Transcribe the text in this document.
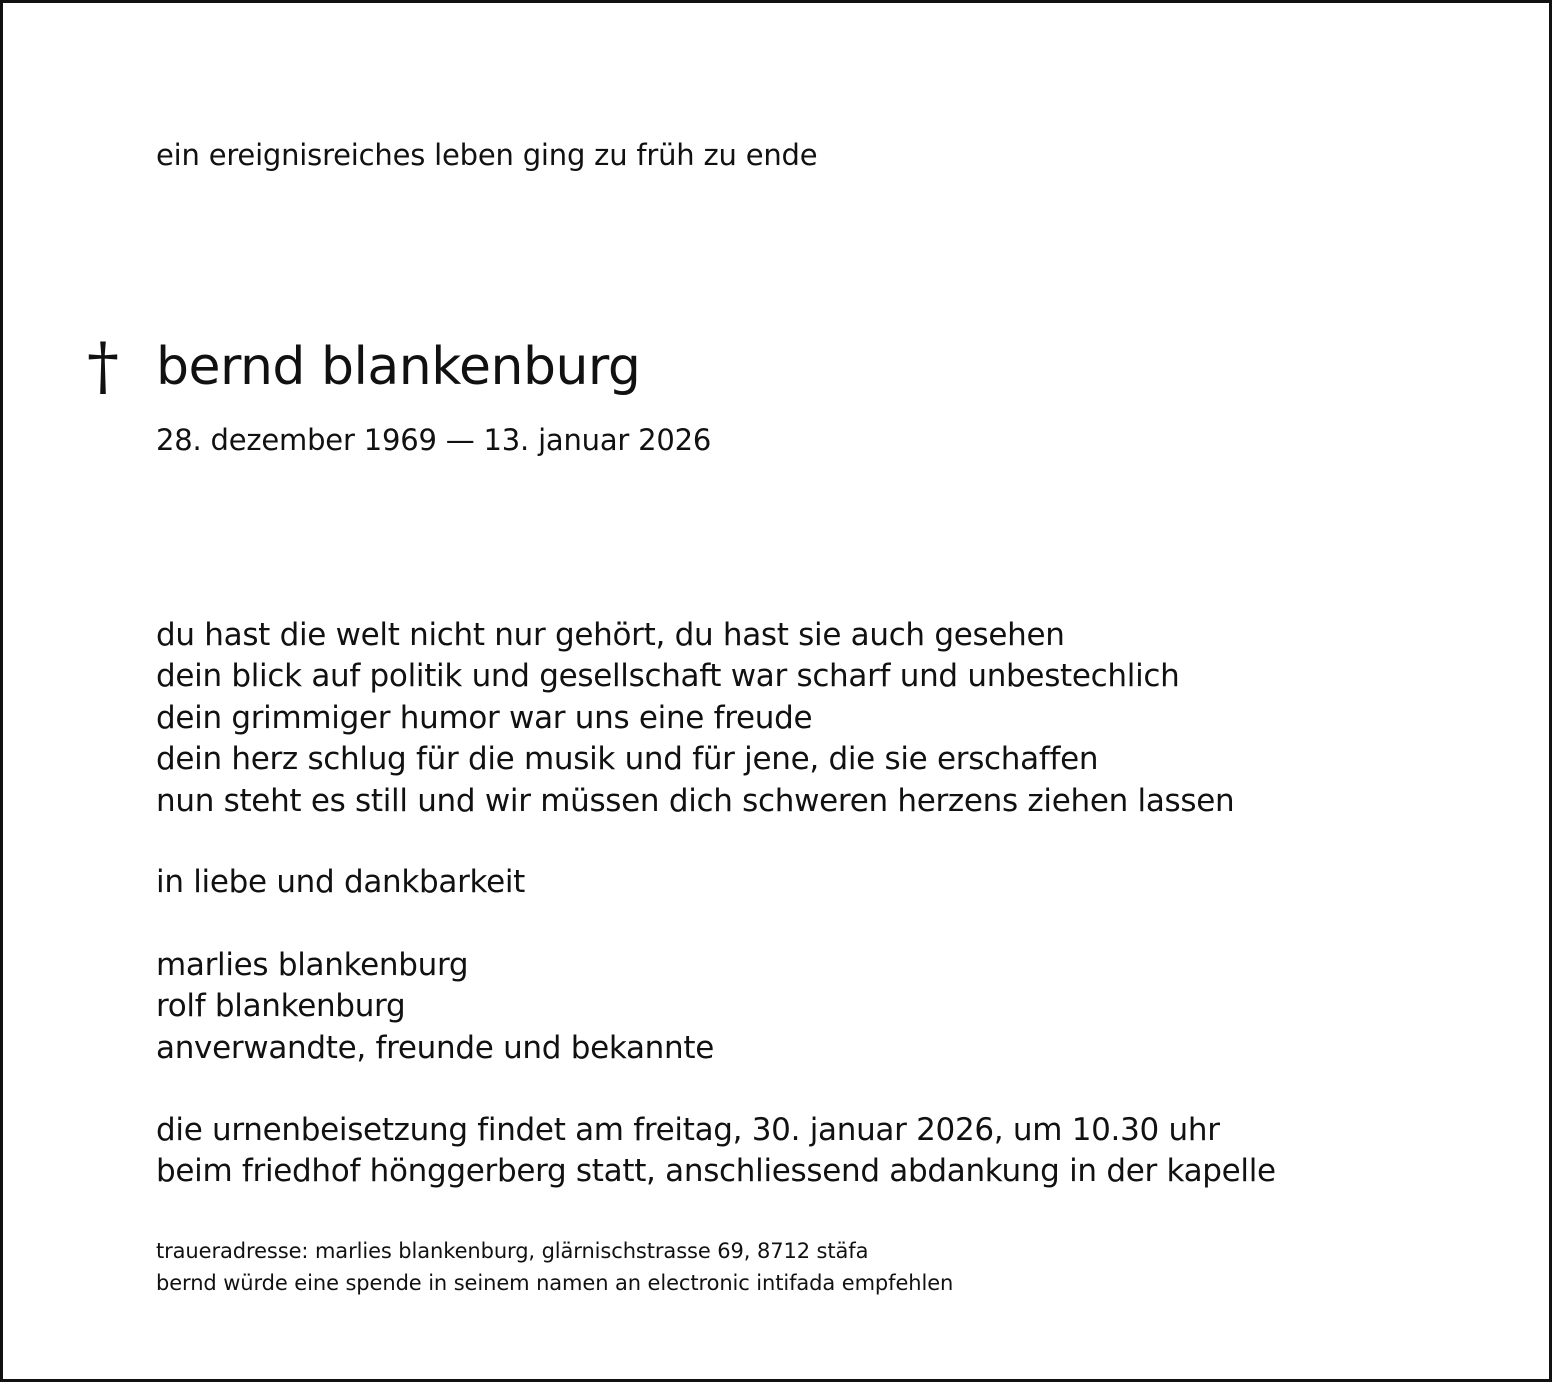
ein ereignisreiches leben ging zu früh zu ende

† bernd blankenburg

28. dezember 1969 — 13. januar 2026

du hast die welt nicht nur gehört, du hast sie auch gesehen
dein blick auf politik und gesellschaft war scharf und unbestechlich
dein grimmiger humor war uns eine freude
dein herz schlug für die musik und für jene, die sie erschaffen
nun steht es still und wir müssen dich schweren herzens ziehen lassen

in liebe und dankbarkeit

marlies blankenburg
rolf blankenburg
anverwandte, freunde und bekannte
die urnenbeisetzung findet am freitag, 30. januar 2026, um 10.30 uhr
beim friedhof hönggerberg statt, anschliessend abdankung in der kapelle
traueradresse: marlies blankenburg, glärnischstrasse 69, 8712 stäfa
bernd würde eine spende in seinem namen an electronic intifada empfehlen
